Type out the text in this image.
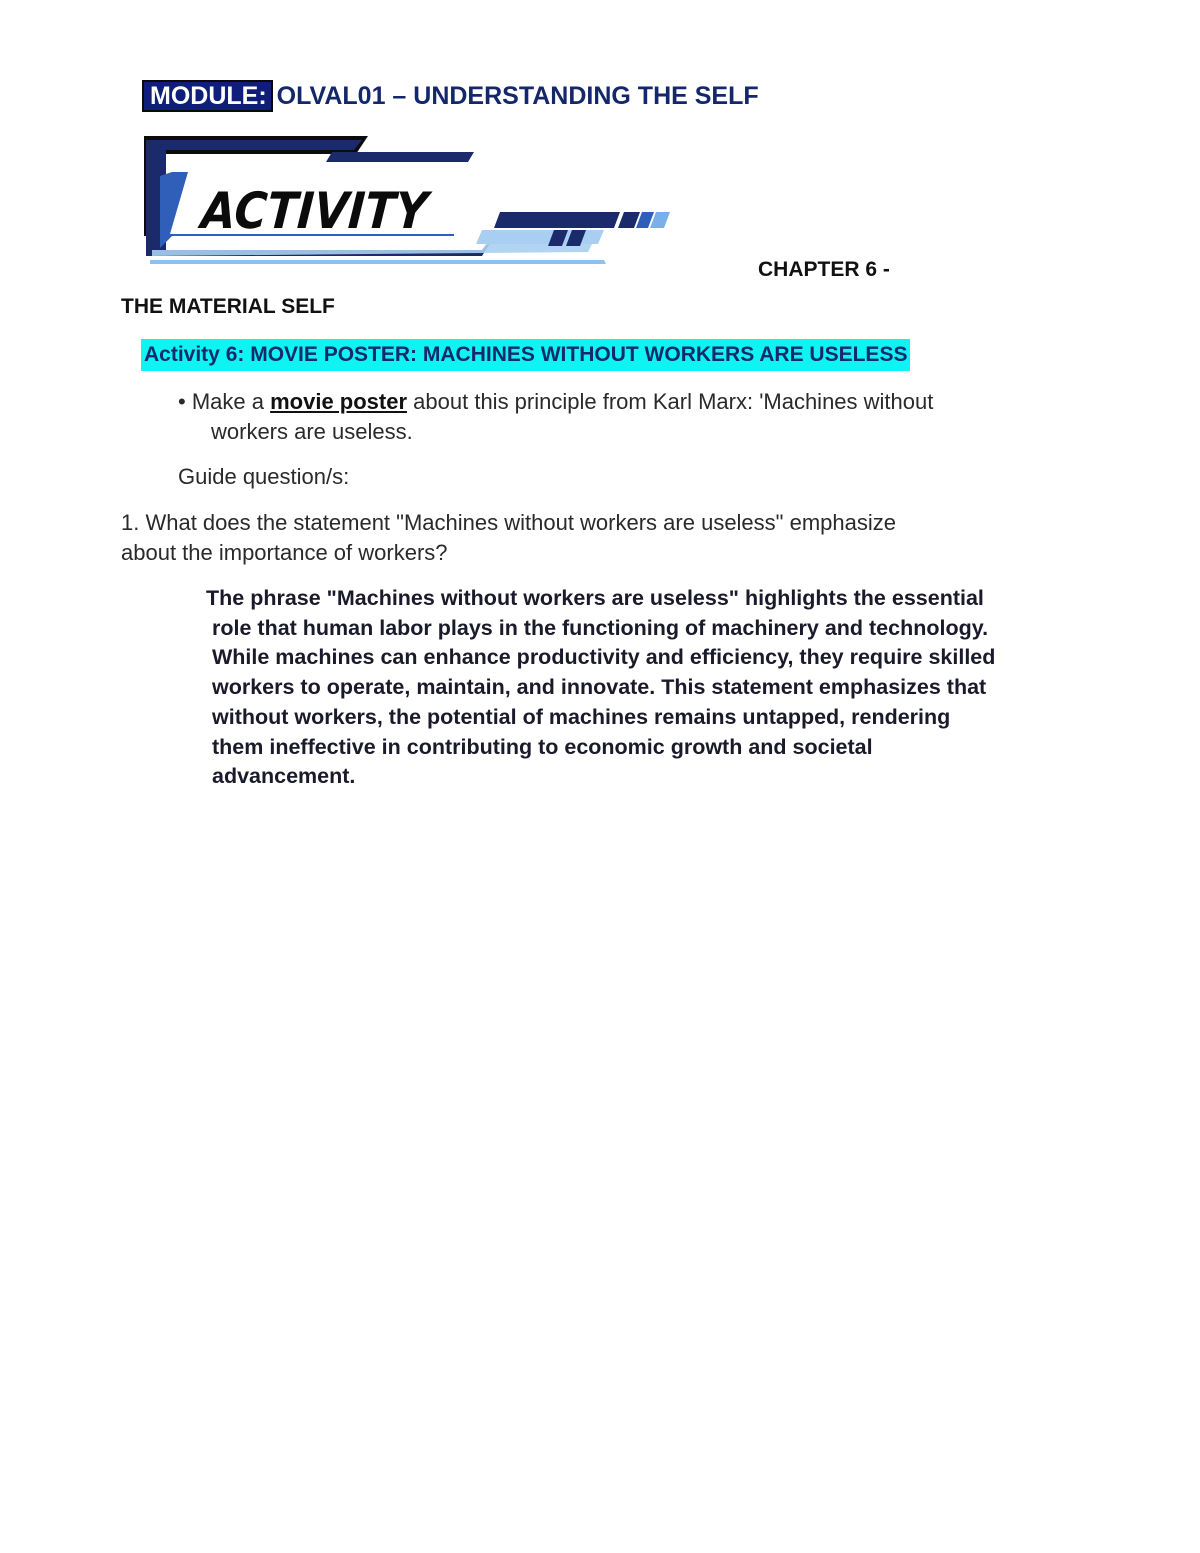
MODULE: OLVAL01 – UNDERSTANDING THE SELF
ACTIVITY
CHAPTER 6 -
THE MATERIAL SELF
Activity 6: MOVIE POSTER: MACHINES WITHOUT WORKERS ARE USELESS
• Make a movie poster about this principle from Karl Marx: 'Machines without
workers are useless.
Guide question/s:
1. What does the statement "Machines without workers are useless" emphasize
about the importance of workers?
The phrase "Machines without workers are useless" highlights the essential
role that human labor plays in the functioning of machinery and technology.
While machines can enhance productivity and efficiency, they require skilled
workers to operate, maintain, and innovate. This statement emphasizes that
without workers, the potential of machines remains untapped, rendering
them ineffective in contributing to economic growth and societal
advancement.
